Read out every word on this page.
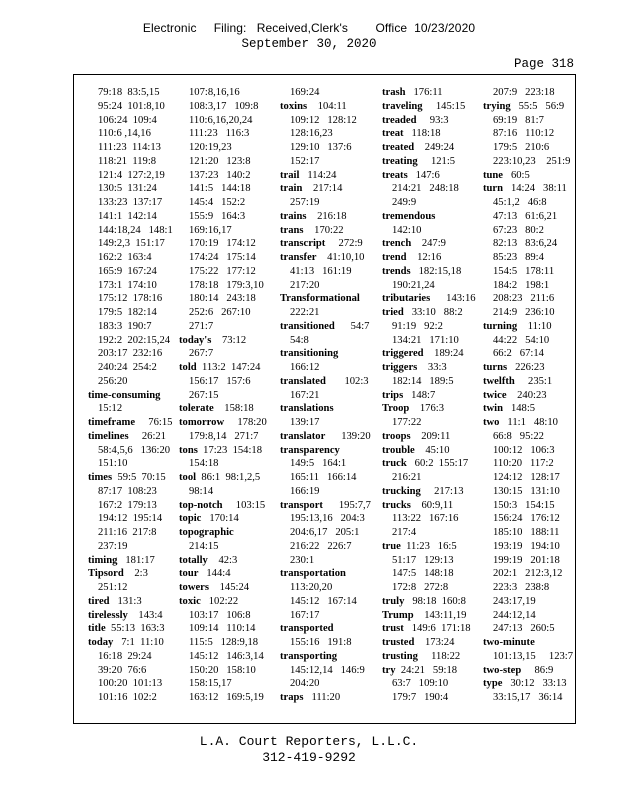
Electronic     Filing:   Received,Clerk's        Office  10/23/2020
September 30, 2020
Page 318
79:18  83:5,15
95:24  101:8,10
106:24  109:4
110:6 ,14,16
111:23  114:13
118:21  119:8
121:4  127:2,19
130:5  131:24
133:23  137:17
141:1  142:14
144:18,24   148:1
149:2,3  151:17
162:2  163:4
165:9  167:24
173:1  174:10
175:12  178:16
179:5  182:14
183:3  190:7
192:2  202:15,24
203:17  232:16
240:24  254:2
256:20
time-consuming
15:12
timeframe     76:15
timelines     26:21
58:4,5,6   136:20
151:10
times  59:5  70:15
87:17  108:23
167:2  179:13
194:12  195:14
211:16  217:8
237:19
timing   181:17
Tipsord    2:3
251:12
tired   131:3
tirelessly    143:4
title  55:13  163:3
today   7:1  11:10
16:18  29:24
39:20  76:6
100:20  101:13
101:16  102:2
107:8,16,16
108:3,17   109:8
110:6,16,20,24
111:23   116:3
120:19,23
121:20   123:8
137:23   140:2
141:5   144:18
145:4   152:2
155:9   164:3
169:16,17
170:19   174:12
174:24   175:14
175:22   177:12
178:18   179:3,10
180:14   243:18
252:6   267:10
271:7
today's    73:12
267:7
told  113:2  147:24
156:17   157:6
267:15
tolerate    158:18
tomorrow     178:20
179:8,14   271:7
tons  17:23  154:18
154:18
tool  86:1  98:1,2,5
98:14
top-notch     103:15
topic   170:14
topographic
214:15
totally    42:3
tour   144:4
towers    145:24
toxic   102:22
103:17   106:8
109:14   110:14
115:5   128:9,18
145:12   146:3,14
150:20   158:10
158:15,17
163:12   169:5,19
169:24
toxins    104:11
109:12   128:12
128:16,23
129:10   137:6
152:17
trail   114:24
train    217:14
257:19
trains    216:18
trans    170:22
transcript     272:9
transfer    41:10,10
41:13   161:19
217:20
Transformational
222:21
transitioned      54:7
54:8
transitioning
166:12
translated       102:3
167:21
translations
139:17
translator      139:20
transparency
149:5   164:1
165:11   166:14
166:19
transport      195:7,7
195:13,16   204:3
204:6,17   205:1
216:22   226:7
230:1
transportation
113:20,20
145:12   167:14
167:17
transported
155:16   191:8
transporting
145:12,14   146:9
204:20
traps   111:20
trash   176:11
traveling     145:15
treaded     93:3
treat   118:18
treated    249:24
treating     121:5
treats   147:6
214:21   248:18
249:9
tremendous
142:10
trench    247:9
trend    12:16
trends   182:15,18
190:21,24
tributaries      143:16
tried   33:10   88:2
91:19   92:2
134:21   171:10
triggered    189:24
triggers    33:3
182:14   189:5
trips   148:7
Troop    176:3
177:22
troops    209:11
trouble    45:10
truck   60:2  155:17
216:21
trucking     217:13
trucks    60:9,11
113:22   167:16
217:4
true  11:23   16:5
51:17   129:13
147:5   148:18
172:8   272:8
truly   98:18  160:8
Trump    143:11,19
trust   149:6  171:18
trusted    173:24
trusting     118:22
try  24:21   59:18
63:7   109:10
179:7   190:4
207:9   223:18
trying   55:5   56:9
69:19   81:7
87:16   110:12
179:5   210:6
223:10,23    251:9
tune   60:5
turn   14:24   38:11
45:1,2   46:8
47:13   61:6,21
67:23   80:2
82:13   83:6,24
85:23   89:4
154:5   178:11
184:2   198:1
208:23   211:6
214:9   236:10
turning    11:10
44:22   54:10
66:2   67:14
turns   226:23
twelfth     235:1
twice    240:23
twin   148:5
two   11:1   48:10
66:8   95:22
100:12   106:3
110:20   117:2
124:12   128:17
130:15   131:10
150:3   154:15
156:24   176:12
185:10   188:11
193:19   194:10
199:19   201:18
202:1   212:3,12
223:3   238:8
243:17,19
244:12,14
247:13   260:5
two-minute
101:13,15     123:7
two-step     86:9
type   30:12   33:13
33:15,17   36:14
L.A. Court Reporters, L.L.C.
312-419-9292
